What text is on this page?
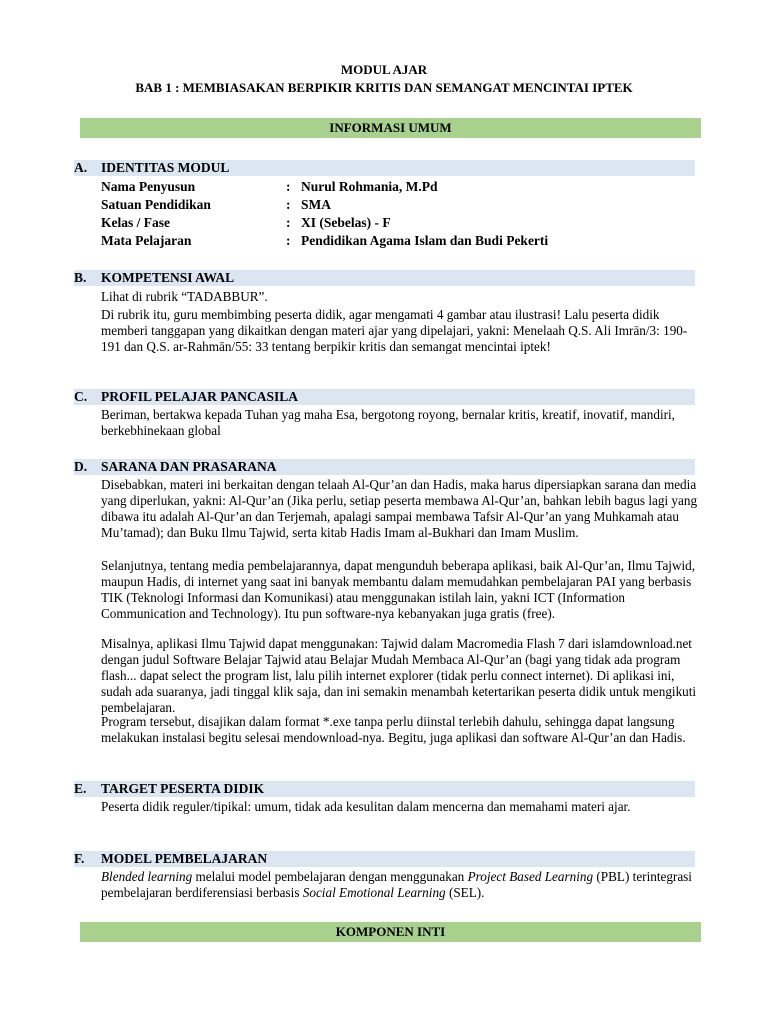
MODUL AJAR
BAB 1 : MEMBIASAKAN BERPIKIR KRITIS DAN SEMANGAT MENCINTAI IPTEK
INFORMASI UMUM
A. IDENTITAS MODUL
Nama Penyusun	: Nurul Rohmania, M.Pd
Satuan Pendidikan	: SMA
Kelas / Fase	: XI (Sebelas) - F
Mata Pelajaran	: Pendidikan Agama Islam dan Budi Pekerti
B. KOMPETENSI AWAL

Lihat di rubrik “TADABBUR”.

Di rubrik itu, guru membimbing peserta didik, agar mengamati 4 gambar atau ilustrasi! Lalu peserta didik memberi tanggapan yang dikaitkan dengan materi ajar yang dipelajari, yakni: Menelaah Q.S. Ali Imrān/3: 190-191 dan Q.S. ar-Rahmān/55: 33 tentang berpikir kritis dan semangat mencintai iptek!

C. PROFIL PELAJAR PANCASILA

Beriman, bertakwa kepada Tuhan yag maha Esa, bergotong royong, bernalar kritis, kreatif, inovatif, mandiri, berkebhinekaan global

D. SARANA DAN PRASARANA

Disebabkan, materi ini berkaitan dengan telaah Al-Qur’an dan Hadis, maka harus dipersiapkan sarana dan media yang diperlukan, yakni: Al-Qur’an (Jika perlu, setiap peserta membawa Al-Qur’an, bahkan lebih bagus lagi yang dibawa itu adalah Al-Qur’an dan Terjemah, apalagi sampai membawa Tafsir Al-Qur’an yang Muhkamah atau Mu’tamad); dan Buku Ilmu Tajwid, serta kitab Hadis Imam al-Bukhari dan Imam Muslim.

Selanjutnya, tentang media pembelajarannya, dapat mengunduh beberapa aplikasi, baik Al-Qur’an, Ilmu Tajwid, maupun Hadis, di internet yang saat ini banyak membantu dalam memudahkan pembelajaran PAI yang berbasis TIK (Teknologi Informasi dan Komunikasi) atau menggunakan istilah lain, yakni ICT (Information Communication and Technology). Itu pun software-nya kebanyakan juga gratis (free).

Misalnya, aplikasi Ilmu Tajwid dapat menggunakan: Tajwid dalam Macromedia Flash 7 dari islamdownload.net dengan judul Software Belajar Tajwid atau Belajar Mudah Membaca Al-Qur’an (bagi yang tidak ada program flash... dapat select the program list, lalu pilih internet explorer (tidak perlu connect internet). Di aplikasi ini, sudah ada suaranya, jadi tinggal klik saja, dan ini semakin menambah ketertarikan peserta didik untuk mengikuti pembelajaran.

Program tersebut, disajikan dalam format *.exe tanpa perlu diinstal terlebih dahulu, sehingga dapat langsung melakukan instalasi begitu selesai mendownload-nya. Begitu, juga aplikasi dan software Al-Qur’an dan Hadis.

E. TARGET PESERTA DIDIK

Peserta didik reguler/tipikal: umum, tidak ada kesulitan dalam mencerna dan memahami materi ajar.

F. MODEL PEMBELAJARAN

Blended learning melalui model pembelajaran dengan menggunakan Project Based Learning (PBL) terintegrasi pembelajaran berdiferensiasi berbasis Social Emotional Learning (SEL).

KOMPONEN INTI
